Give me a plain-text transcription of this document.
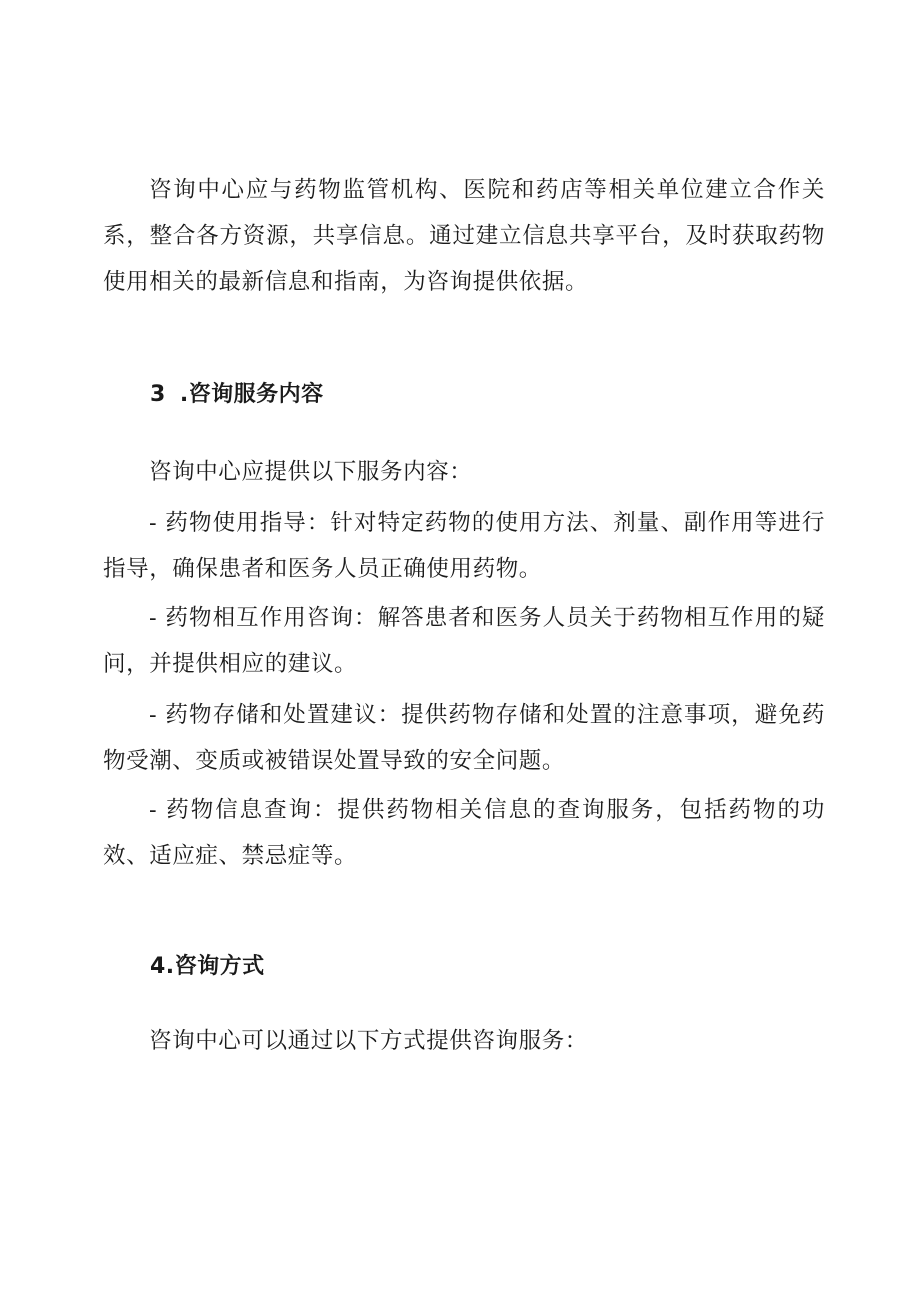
咨询中心应与药物监管机构、医院和药店等相关单位建立合作关系，整合各方资源，共享信息。通过建立信息共享平台，及时获取药物使用相关的最新信息和指南，为咨询提供依据。

3 .咨询服务内容

咨询中心应提供以下服务内容：

- 药物使用指导：针对特定药物的使用方法、剂量、副作用等进行指导，确保患者和医务人员正确使用药物。

- 药物相互作用咨询：解答患者和医务人员关于药物相互作用的疑问，并提供相应的建议。

- 药物存储和处置建议：提供药物存储和处置的注意事项，避免药物受潮、变质或被错误处置导致的安全问题。

- 药物信息查询：提供药物相关信息的查询服务，包括药物的功效、适应症、禁忌症等。

4.咨询方式

咨询中心可以通过以下方式提供咨询服务：
